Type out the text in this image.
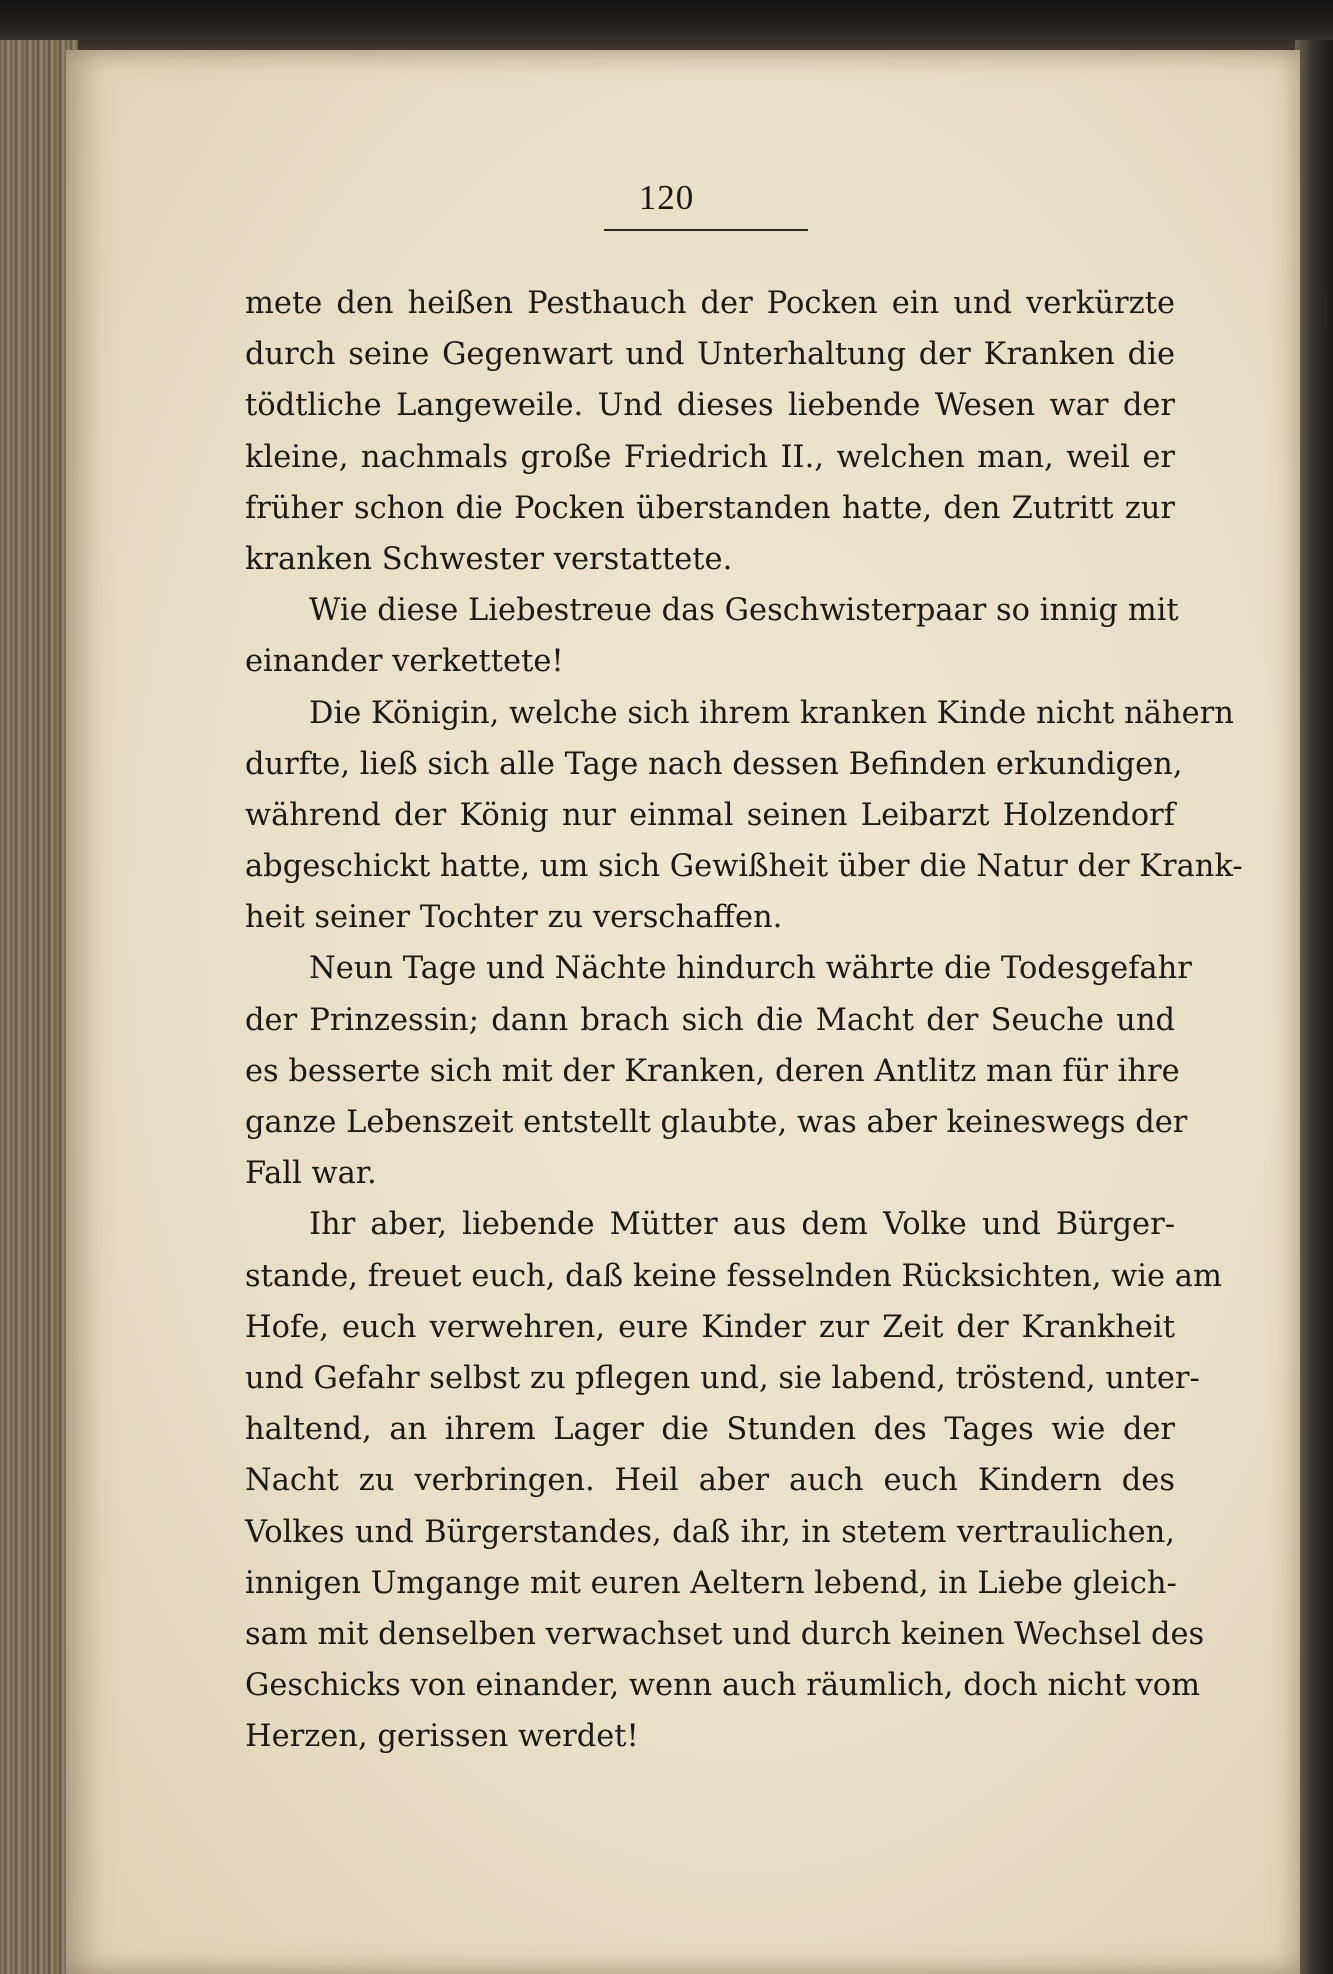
120
mete den heißen Pesthauch der Pocken ein und verkürzte
durch seine Gegenwart und Unterhaltung der Kranken die
tödtliche Langeweile. Und dieses liebende Wesen war der
kleine, nachmals große Friedrich II., welchen man, weil er
früher schon die Pocken überstanden hatte, den Zutritt zur
kranken Schwester verstattete.
Wie diese Liebestreue das Geschwisterpaar so innig mit
einander verkettete!
Die Königin, welche sich ihrem kranken Kinde nicht nähern
durfte, ließ sich alle Tage nach dessen Befinden erkundigen,
während der König nur einmal seinen Leibarzt Holzendorf
abgeschickt hatte, um sich Gewißheit über die Natur der Krank-
heit seiner Tochter zu verschaffen.
Neun Tage und Nächte hindurch währte die Todesgefahr
der Prinzessin; dann brach sich die Macht der Seuche und
es besserte sich mit der Kranken, deren Antlitz man für ihre
ganze Lebenszeit entstellt glaubte, was aber keineswegs der
Fall war.
Ihr aber, liebende Mütter aus dem Volke und Bürger-
stande, freuet euch, daß keine fesselnden Rücksichten, wie am
Hofe, euch verwehren, eure Kinder zur Zeit der Krankheit
und Gefahr selbst zu pflegen und, sie labend, tröstend, unter-
haltend, an ihrem Lager die Stunden des Tages wie der
Nacht zu verbringen. Heil aber auch euch Kindern des
Volkes und Bürgerstandes, daß ihr, in stetem vertraulichen,
innigen Umgange mit euren Aeltern lebend, in Liebe gleich-
sam mit denselben verwachset und durch keinen Wechsel des
Geschicks von einander, wenn auch räumlich, doch nicht vom
Herzen, gerissen werdet!
